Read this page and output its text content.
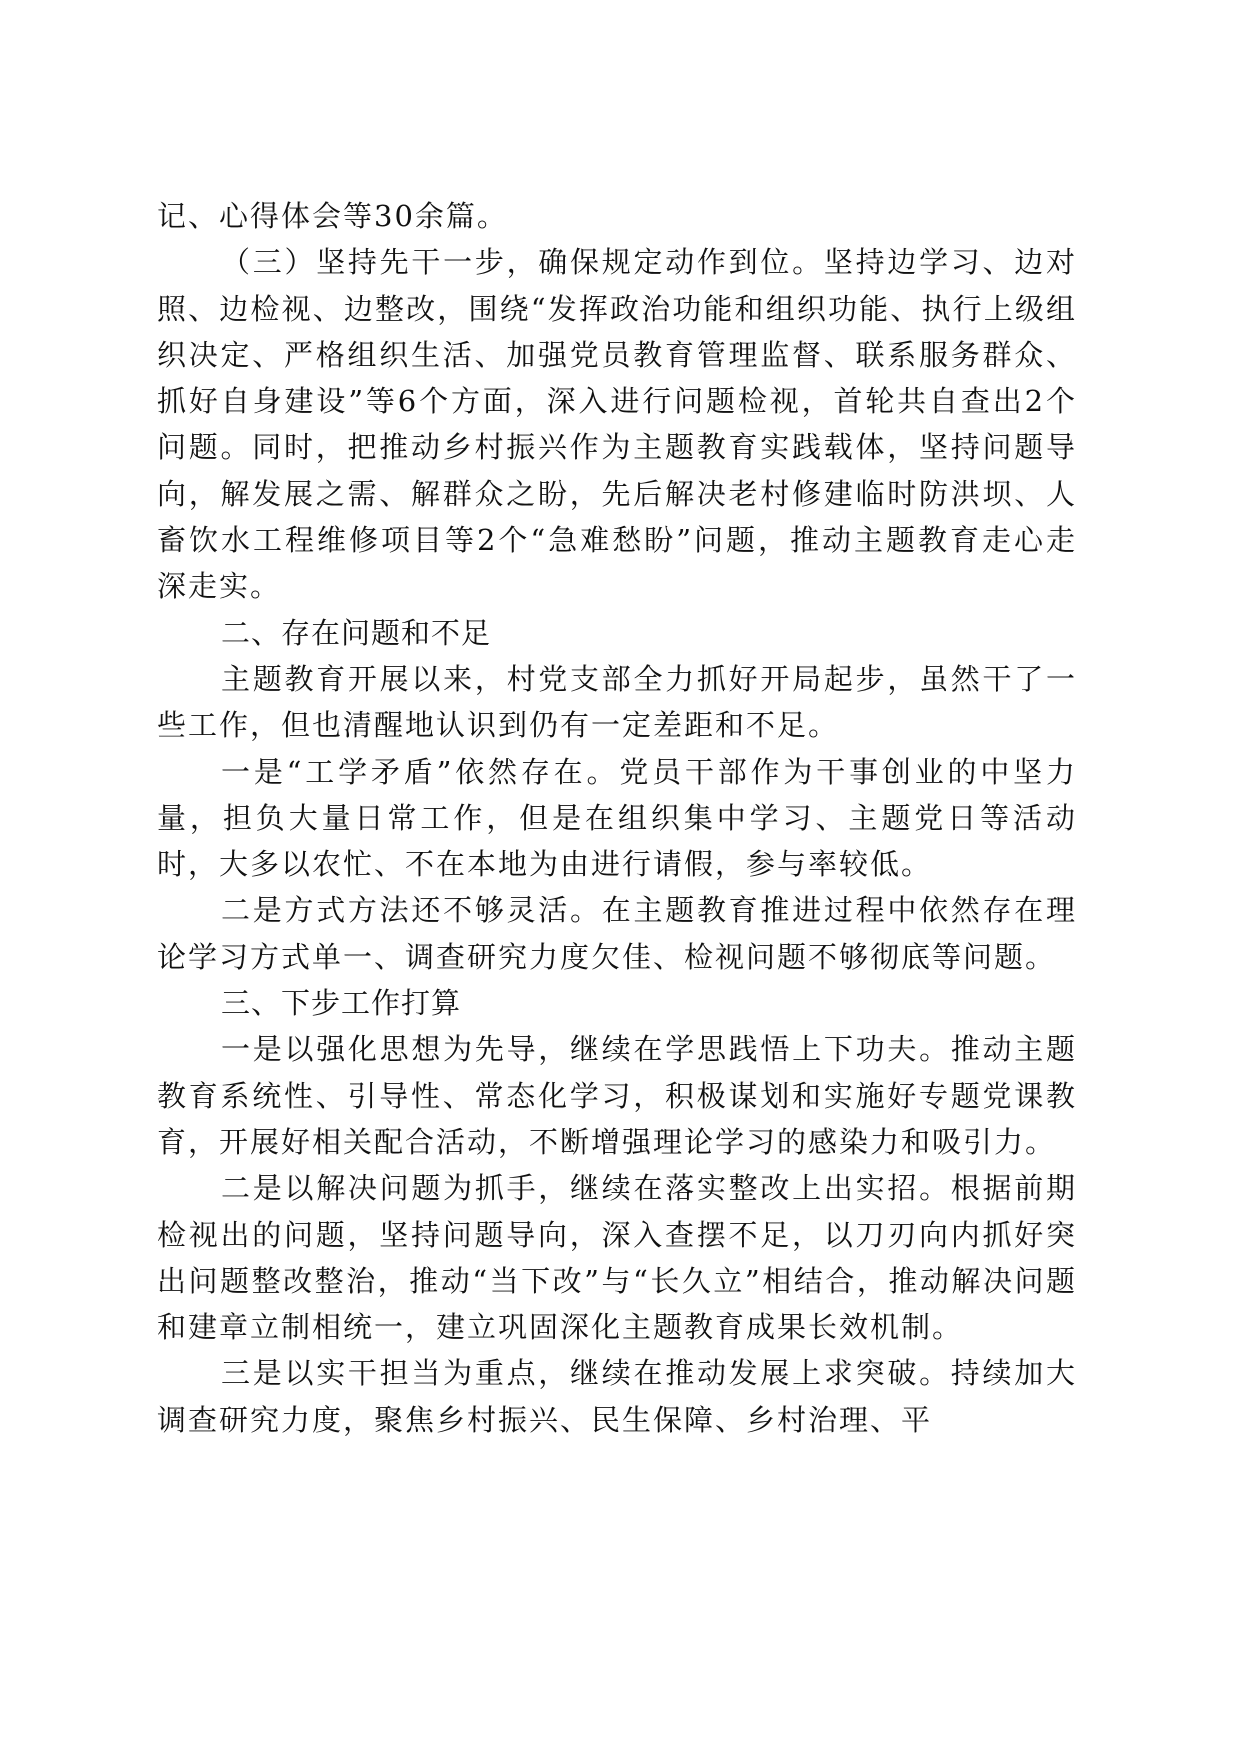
记、心得体会等30余篇。

（三）坚持先干一步，确保规定动作到位。坚持边学习、边对照、边检视、边整改，围绕“发挥政治功能和组织功能、执行上级组织决定、严格组织生活、加强党员教育管理监督、联系服务群众、抓好自身建设”等6个方面，深入进行问题检视，首轮共自查出2个问题。同时，把推动乡村振兴作为主题教育实践载体，坚持问题导向，解发展之需、解群众之盼，先后解决老村修建临时防洪坝、人畜饮水工程维修项目等2个“急难愁盼”问题，推动主题教育走心走深走实。

二、存在问题和不足

主题教育开展以来，村党支部全力抓好开局起步，虽然干了一些工作，但也清醒地认识到仍有一定差距和不足。

一是“工学矛盾”依然存在。党员干部作为干事创业的中坚力量，担负大量日常工作，但是在组织集中学习、主题党日等活动时，大多以农忙、不在本地为由进行请假，参与率较低。

二是方式方法还不够灵活。在主题教育推进过程中依然存在理论学习方式单一、调查研究力度欠佳、检视问题不够彻底等问题。

三、下步工作打算

一是以强化思想为先导，继续在学思践悟上下功夫。推动主题教育系统性、引导性、常态化学习，积极谋划和实施好专题党课教育，开展好相关配合活动，不断增强理论学习的感染力和吸引力。

二是以解决问题为抓手，继续在落实整改上出实招。根据前期检视出的问题，坚持问题导向，深入查摆不足，以刀刃向内抓好突出问题整改整治，推动“当下改”与“长久立”相结合，推动解决问题和建章立制相统一，建立巩固深化主题教育成果长效机制。

三是以实干担当为重点，继续在推动发展上求突破。持续加大调查研究力度，聚焦乡村振兴、民生保障、乡村治理、平
